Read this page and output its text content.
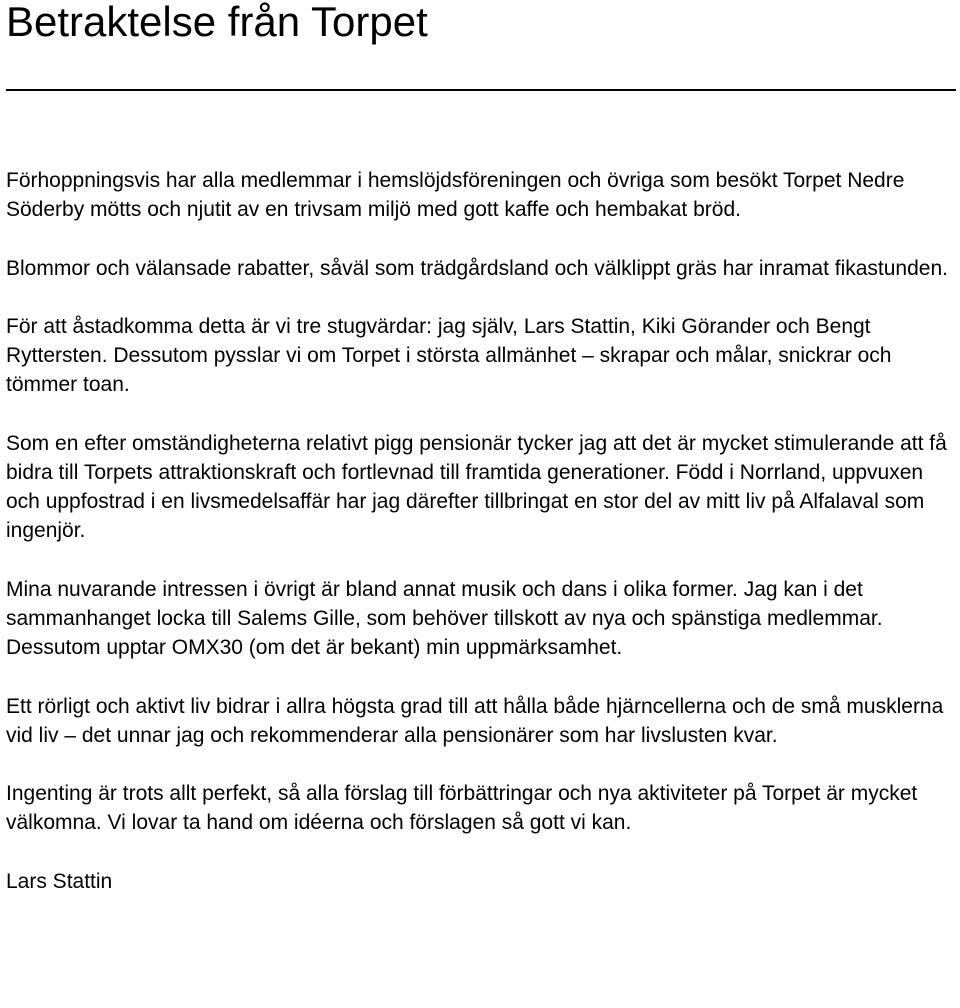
Betraktelse från Torpet

Förhoppningsvis har alla medlemmar i hemslöjdsföreningen och övriga som besökt Torpet Nedre Söderby mötts och njutit av en trivsam miljö med gott kaffe och hembakat bröd.

Blommor och välansade rabatter, såväl som trädgårdsland och välklippt gräs har inramat fikastunden.

För att åstadkomma detta är vi tre stugvärdar: jag själv, Lars Stattin, Kiki Görander och Bengt Ryttersten. Dessutom pysslar vi om Torpet i största allmänhet – skrapar och målar, snickrar och tömmer toan.

Som en efter omständigheterna relativt pigg pensionär tycker jag att det är mycket stimulerande att få bidra till Torpets attraktionskraft och fortlevnad till framtida generationer. Född i Norrland, uppvuxen och uppfostrad i en livsmedelsaffär har jag därefter tillbringat en stor del av mitt liv på Alfalaval som ingenjör.

Mina nuvarande intressen i övrigt är bland annat musik och dans i olika former. Jag kan i det sammanhanget locka till Salems Gille, som behöver tillskott av nya och spänstiga medlemmar. Dessutom upptar OMX30 (om det är bekant) min uppmärksamhet.

Ett rörligt och aktivt liv bidrar i allra högsta grad till att hålla både hjärncellerna och de små musklerna vid liv – det unnar jag och rekommenderar alla pensionärer som har livslusten kvar.

Ingenting är trots allt perfekt, så alla förslag till förbättringar och nya aktiviteter på Torpet är mycket välkomna. Vi lovar ta hand om idéerna och förslagen så gott vi kan.

Lars Stattin
